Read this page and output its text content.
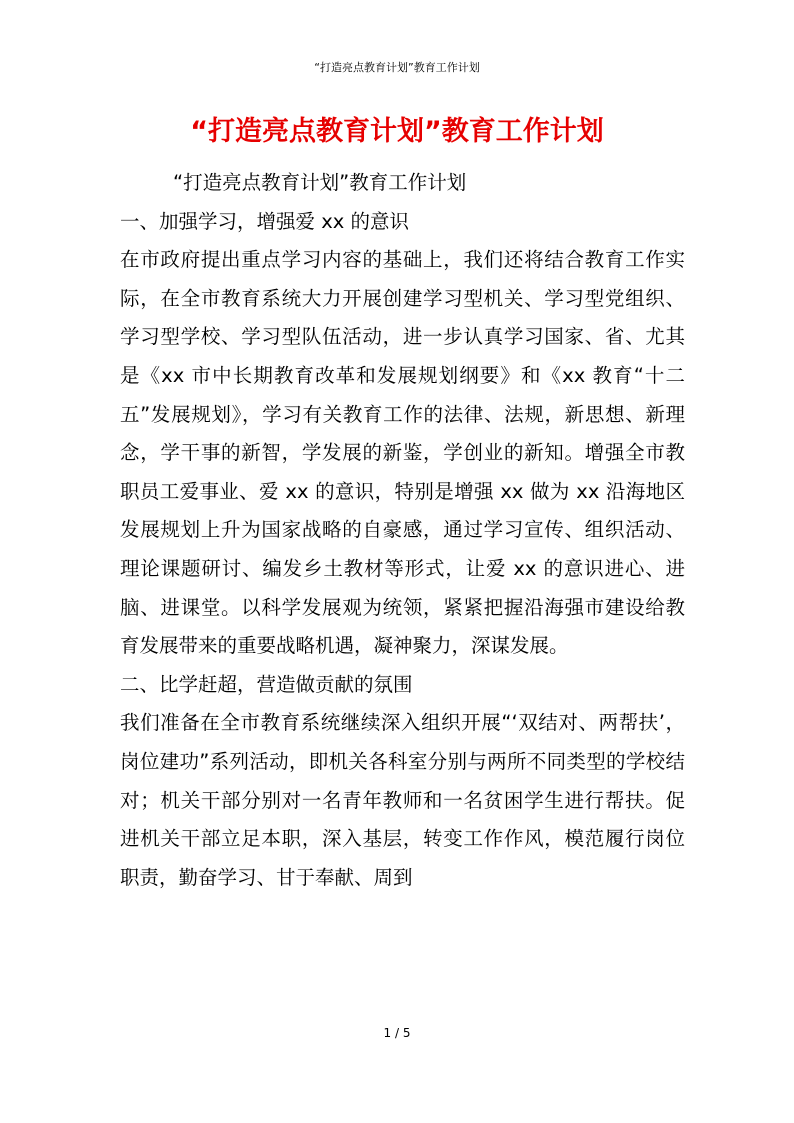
“打造亮点教育计划”教育工作计划
“打造亮点教育计划”教育工作计划

“打造亮点教育计划”教育工作计划

一、加强学习，增强爱 xx 的意识

在市政府提出重点学习内容的基础上，我们还将结合教育工作实际，在全市教育系统大力开展创建学习型机关、学习型党组织、学习型学校、学习型队伍活动，进一步认真学习国家、省、尤其是《xx 市中长期教育改革和发展规划纲要》和《xx 教育“十二五”发展规划》，学习有关教育工作的法律、法规，新思想、新理念，学干事的新智，学发展的新鉴，学创业的新知。增强全市教职员工爱事业、爱 xx 的意识，特别是增强 xx 做为 xx 沿海地区发展规划上升为国家战略的自豪感，通过学习宣传、组织活动、理论课题研讨、编发乡土教材等形式，让爱 xx 的意识进心、进脑、进课堂。以科学发展观为统领，紧紧把握沿海强市建设给教育发展带来的重要战略机遇，凝神聚力，深谋发展。

二、比学赶超，营造做贡献的氛围

我们准备在全市教育系统继续深入组织开展“‘双结对、两帮扶’，岗位建功”系列活动，即机关各科室分别与两所不同类型的学校结对；机关干部分别对一名青年教师和一名贫困学生进行帮扶。促进机关干部立足本职，深入基层，转变工作作风，模范履行岗位职责，勤奋学习、甘于奉献、周到

1 / 5
